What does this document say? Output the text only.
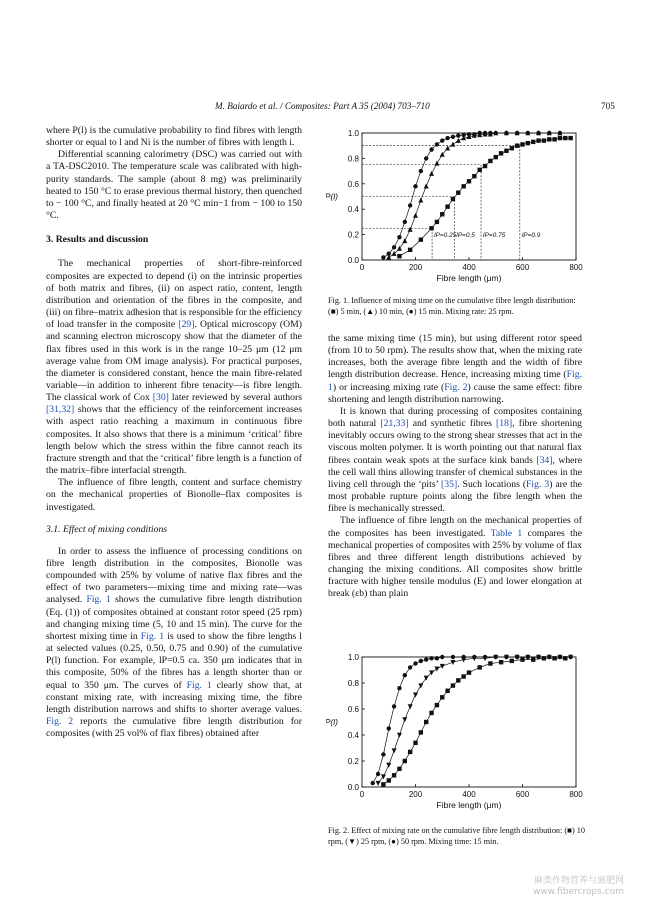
M. Baiardo et al. / Composites: Part A 35 (2004) 703–710	705

where P(l) is the cumulative probability to find fibres with length shorter or equal to l and Ni is the number of fibres with length i.

Differential scanning calorimetry (DSC) was carried out with a TA-DSC2010. The temperature scale was calibrated with high-purity standards. The sample (about 8 mg) was preliminarily heated to 150 °C to erase previous thermal history, then quenched to − 100 °C, and finally heated at 20 °C min−1 from − 100 to 150 °C.

3. Results and discussion

The mechanical properties of short-fibre-reinforced composites are expected to depend (i) on the intrinsic properties of both matrix and fibres, (ii) on aspect ratio, content, length distribution and orientation of the fibres in the composite, and (iii) on fibre–matrix adhesion that is responsible for the efficiency of load transfer in the composite [29]. Optical microscopy (OM) and scanning electron microscopy show that the diameter of the flax fibres used in this work is in the range 10–25 μm (12 μm average value from OM image analysis). For practical purposes, the diameter is considered constant, hence the main fibre-related variable—in addition to inherent fibre tenacity—is fibre length. The classical work of Cox [30] later reviewed by several authors [31,32] shows that the efficiency of the reinforcement increases with aspect ratio reaching a maximum in continuous fibre composites. It also shows that there is a minimum ‘critical’ fibre length below which the stress within the fibre cannot reach its fracture strength and that the ‘critical’ fibre length is a function of the matrix–fibre interfacial strength.

The influence of fibre length, content and surface chemistry on the mechanical properties of Bionolle–flax composites is investigated.

3.1. Effect of mixing conditions

In order to assess the influence of processing conditions on fibre length distribution in the composites, Bionolle was compounded with 25% by volume of native flax fibres and the effect of two parameters—mixing time and mixing rate—was analysed. Fig. 1 shows the cumulative fibre length distribution (Eq. (1)) of composites obtained at constant rotor speed (25 rpm) and changing mixing time (5, 10 and 15 min). The curve for the shortest mixing time in Fig. 1 is used to show the fibre lengths l at selected values (0.25, 0.50, 0.75 and 0.90) of the cumulative P(l) function. For example, lP=0.5 ca. 350 μm indicates that in this composite, 50% of the fibres has a length shorter than or equal to 350 μm. The curves of Fig. 1 clearly show that, at constant mixing rate, with increasing mixing time, the fibre length distribution narrows and shifts to shorter average values. Fig. 2 reports the cumulative fibre length distribution for composites (with 25 vol% of flax fibres) obtained after

0	200	400	600	800
0.0
0.2
0.4
0.6
0.8
1.0
Fibre length (μm)
P(l)
lP=0.25 lP=0.5 lP=0.75	lP=0.9
Fig. 1. Influence of mixing time on the cumulative fibre length distribution: (■) 5 min, (▲) 10 min, (●) 15 min. Mixing rate: 25 rpm.

the same mixing time (15 min), but using different rotor speed (from 10 to 50 rpm). The results show that, when the mixing rate increases, both the average fibre length and the width of fibre length distribution decrease. Hence, increasing mixing time (Fig. 1) or increasing mixing rate (Fig. 2) cause the same effect: fibre shortening and length distribution narrowing.

It is known that during processing of composites containing both natural [21,33] and synthetic fibres [18], fibre shortening inevitably occurs owing to the strong shear stresses that act in the viscous molten polymer. It is worth pointing out that natural flax fibres contain weak spots at the surface kink bands [34], where the cell wall thins allowing transfer of chemical substances in the living cell through the ‘pits’ [35]. Such locations (Fig. 3) are the most probable rupture points along the fibre length when the fibre is mechanically stressed.

The influence of fibre length on the mechanical properties of the composites has been investigated. Table 1 compares the mechanical properties of composites with 25% by volume of flax fibres and three different length distributions achieved by changing the mixing conditions. All composites show brittle fracture with higher tensile modulus (E) and lower elongation at break (εb) than plain

0	200	400	600	800
0.0
0.2
0.4
0.6
0.8
1.0
Fibre length (μm)
P(l)
Fig. 2. Effect of mixing rate on the cumulative fibre length distribution: (■) 10 rpm, (▼) 25 rpm, (●) 50 rpm. Mixing time: 15 min.
麻类作物营养与施肥网
www.fibercrops.com
